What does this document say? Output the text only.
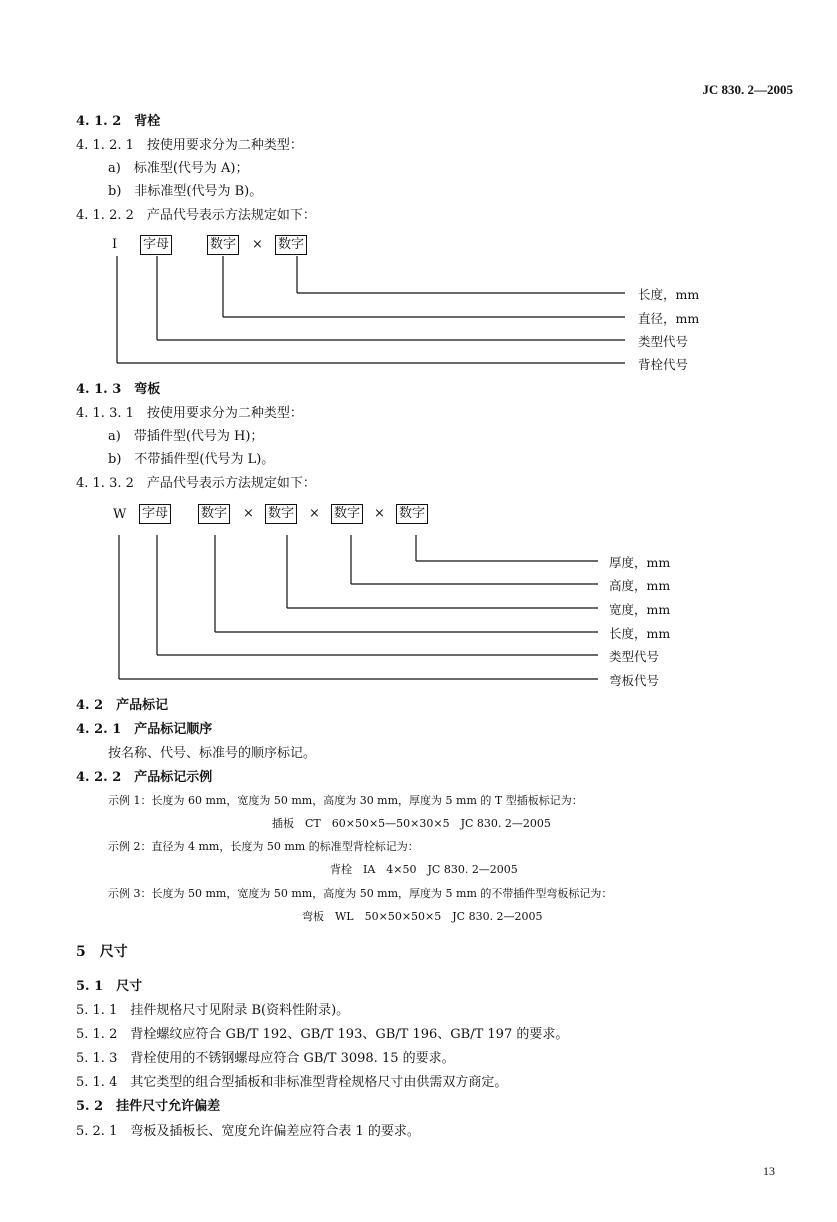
JC 830. 2—2005
4. 1. 2　背栓
4. 1. 2. 1　按使用要求分为二种类型：
a)　标准型(代号为 A)；
b)　非标准型(代号为 B)。
4. 1. 2. 2　产品代号表示方法规定如下：
I 字母	数字 × 数字
长度，mm
直径，mm
类型代号
背栓代号
4. 1. 3　弯板
4. 1. 3. 1　按使用要求分为二种类型：
a)　带插件型(代号为 H)；
b)　不带插件型(代号为 L)。
4. 1. 3. 2　产品代号表示方法规定如下：
W 字母	数字 × 数字 × 数字 × 数字
厚度，mm
高度，mm
宽度，mm
长度，mm
类型代号
弯板代号
4. 2　产品标记
4. 2. 1　产品标记顺序
按名称、代号、标准号的顺序标记。
4. 2. 2　产品标记示例
示例 1：长度为 60 mm，宽度为 50 mm，高度为 30 mm，厚度为 5 mm 的 T 型插板标记为：
插板　CT　60×50×5—50×30×5　JC 830. 2—2005
示例 2：直径为 4 mm，长度为 50 mm 的标准型背栓标记为：
背栓　IA　4×50　JC 830. 2—2005
示例 3：长度为 50 mm，宽度为 50 mm，高度为 50 mm，厚度为 5 mm 的不带插件型弯板标记为：
弯板　WL　50×50×50×5　JC 830. 2—2005
5　尺寸
5. 1　尺寸
5. 1. 1　挂件规格尺寸见附录 B(资料性附录)。
5. 1. 2　背栓螺纹应符合 GB/T 192、GB/T 193、GB/T 196、GB/T 197 的要求。
5. 1. 3　背栓使用的不锈钢螺母应符合 GB/T 3098. 15 的要求。
5. 1. 4　其它类型的组合型插板和非标准型背栓规格尺寸由供需双方商定。
5. 2　挂件尺寸允许偏差
5. 2. 1　弯板及插板长、宽度允许偏差应符合表 1 的要求。
13
